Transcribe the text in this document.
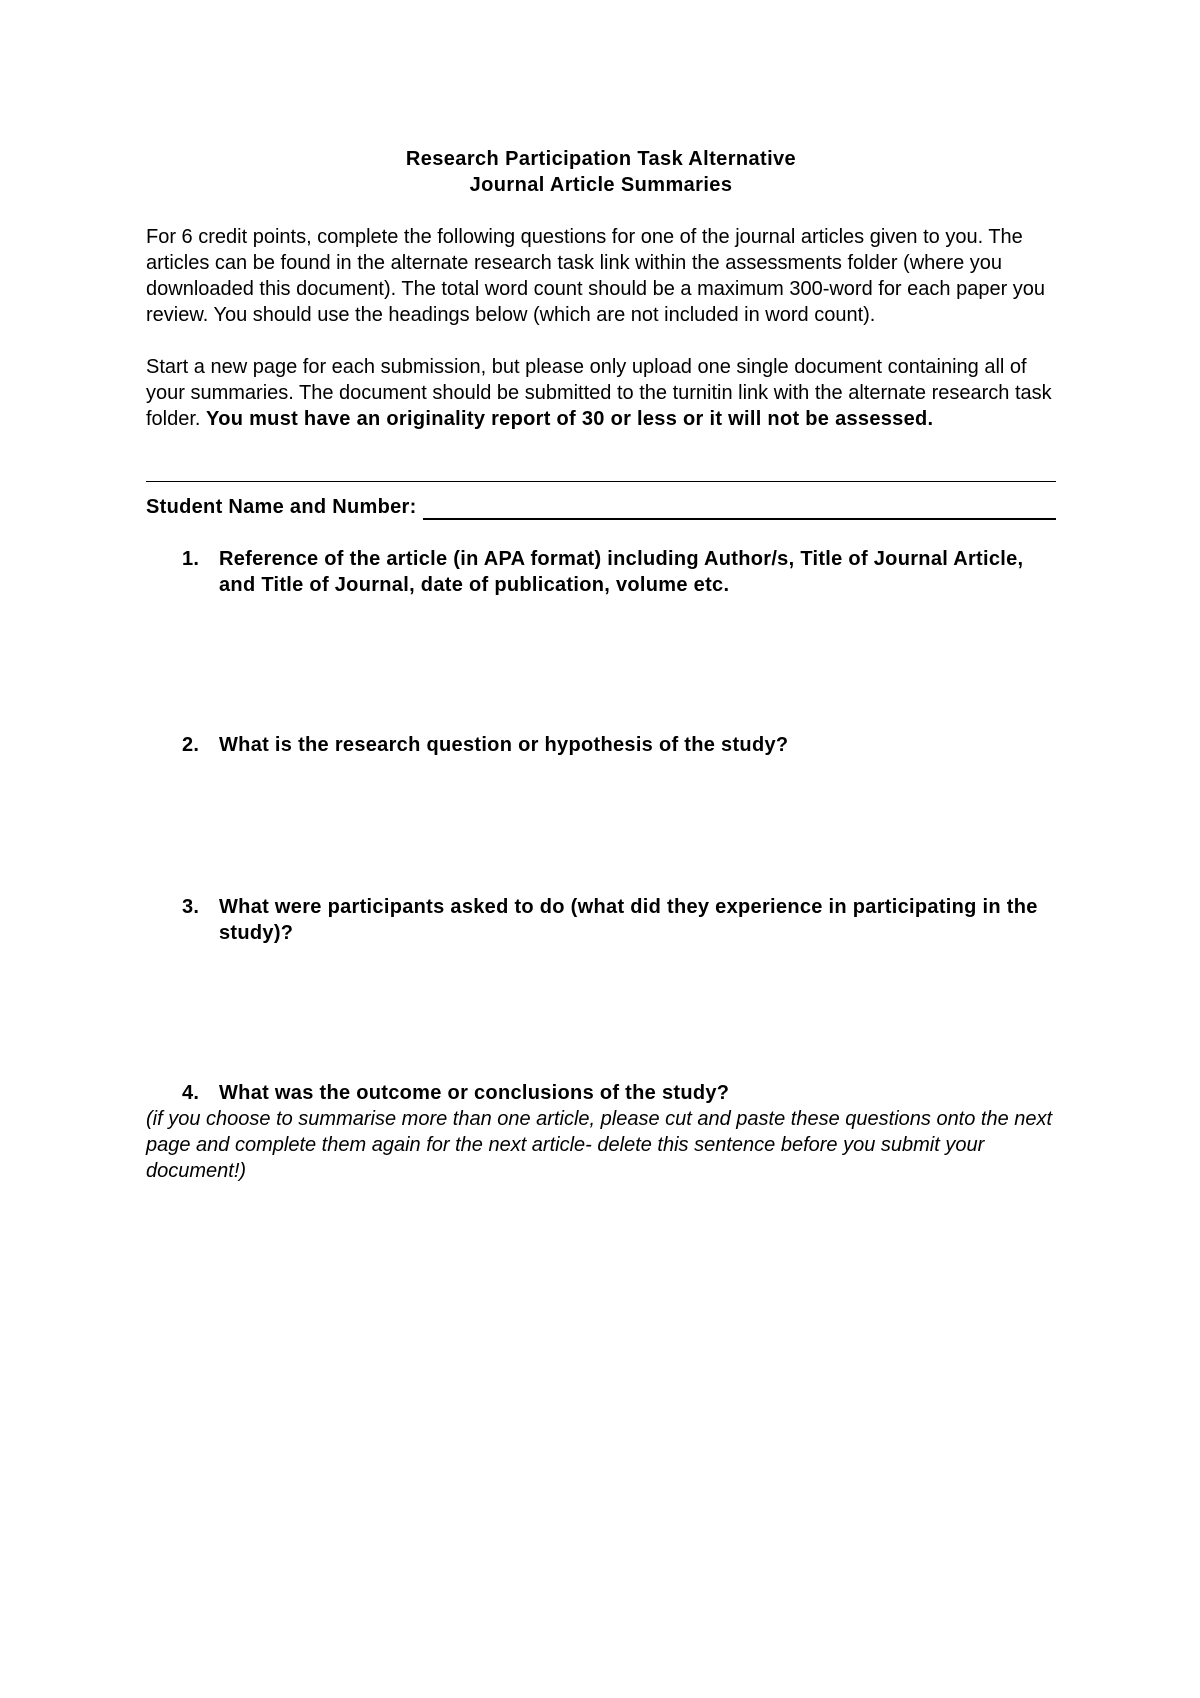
Research Participation Task Alternative
Journal Article Summaries

For 6 credit points, complete the following questions for one of the journal articles given to you. The articles can be found in the alternate research task link within the assessments folder (where you downloaded this document). The total word count should be a maximum 300-word for each paper you review. You should use the headings below (which are not included in word count).

Start a new page for each submission, but please only upload one single document containing all of your summaries. The document should be submitted to the turnitin link with the alternate research task folder. You must have an originality report of 30 or less or it will not be assessed.

Student Name and Number:
1. Reference of the article (in APA format) including Author/s, Title of Journal Article, and Title of Journal, date of publication, volume etc.
2. What is the research question or hypothesis of the study?
3. What were participants asked to do (what did they experience in participating in the study)?
4. What was the outcome or conclusions of the study?

(if you choose to summarise more than one article, please cut and paste these questions onto the next page and complete them again for the next article- delete this sentence before you submit your document!)
